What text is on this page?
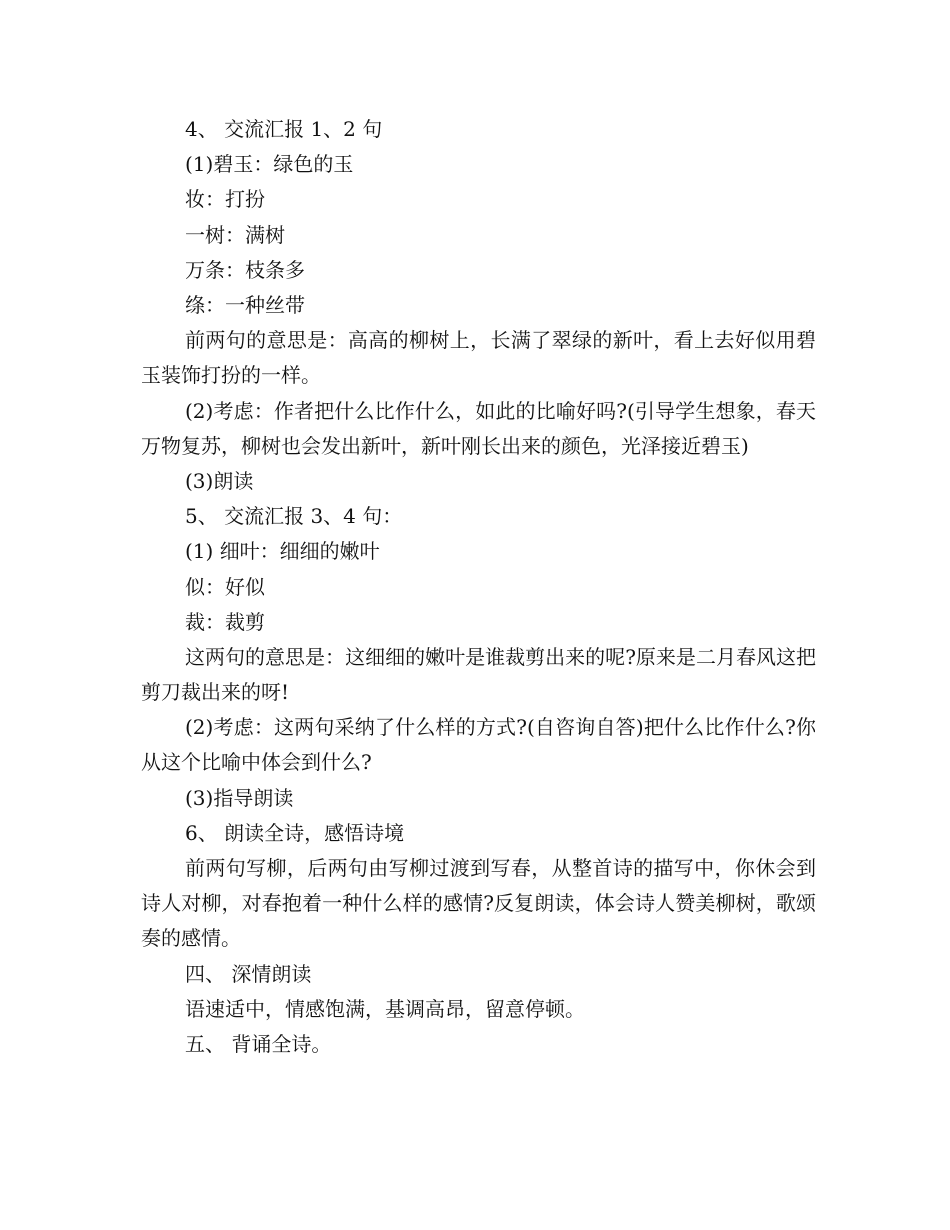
4、 交流汇报 1、2 句

(1)碧玉：绿色的玉

妆：打扮

一树：满树

万条：枝条多

绦：一种丝带

前两句的意思是：高高的柳树上，长满了翠绿的新叶，看上去好似用碧玉装饰打扮的一样。

(2)考虑：作者把什么比作什么，如此的比喻好吗?(引导学生想象，春天万物复苏，柳树也会发出新叶，新叶刚长出来的颜色，光泽接近碧玉)

(3)朗读

5、 交流汇报 3、4 句：

(1) 细叶：细细的嫩叶

似：好似

裁：裁剪

这两句的意思是：这细细的嫩叶是谁裁剪出来的呢?原来是二月春风这把剪刀裁出来的呀!

(2)考虑：这两句采纳了什么样的方式?(自咨询自答)把什么比作什么?你从这个比喻中体会到什么?

(3)指导朗读

6、 朗读全诗，感悟诗境

前两句写柳，后两句由写柳过渡到写春，从整首诗的描写中，你休会到诗人对柳，对春抱着一种什么样的感情?反复朗读，体会诗人赞美柳树，歌颂奏的感情。

四、 深情朗读

语速适中，情感饱满，基调高昂，留意停顿。

五、 背诵全诗。
